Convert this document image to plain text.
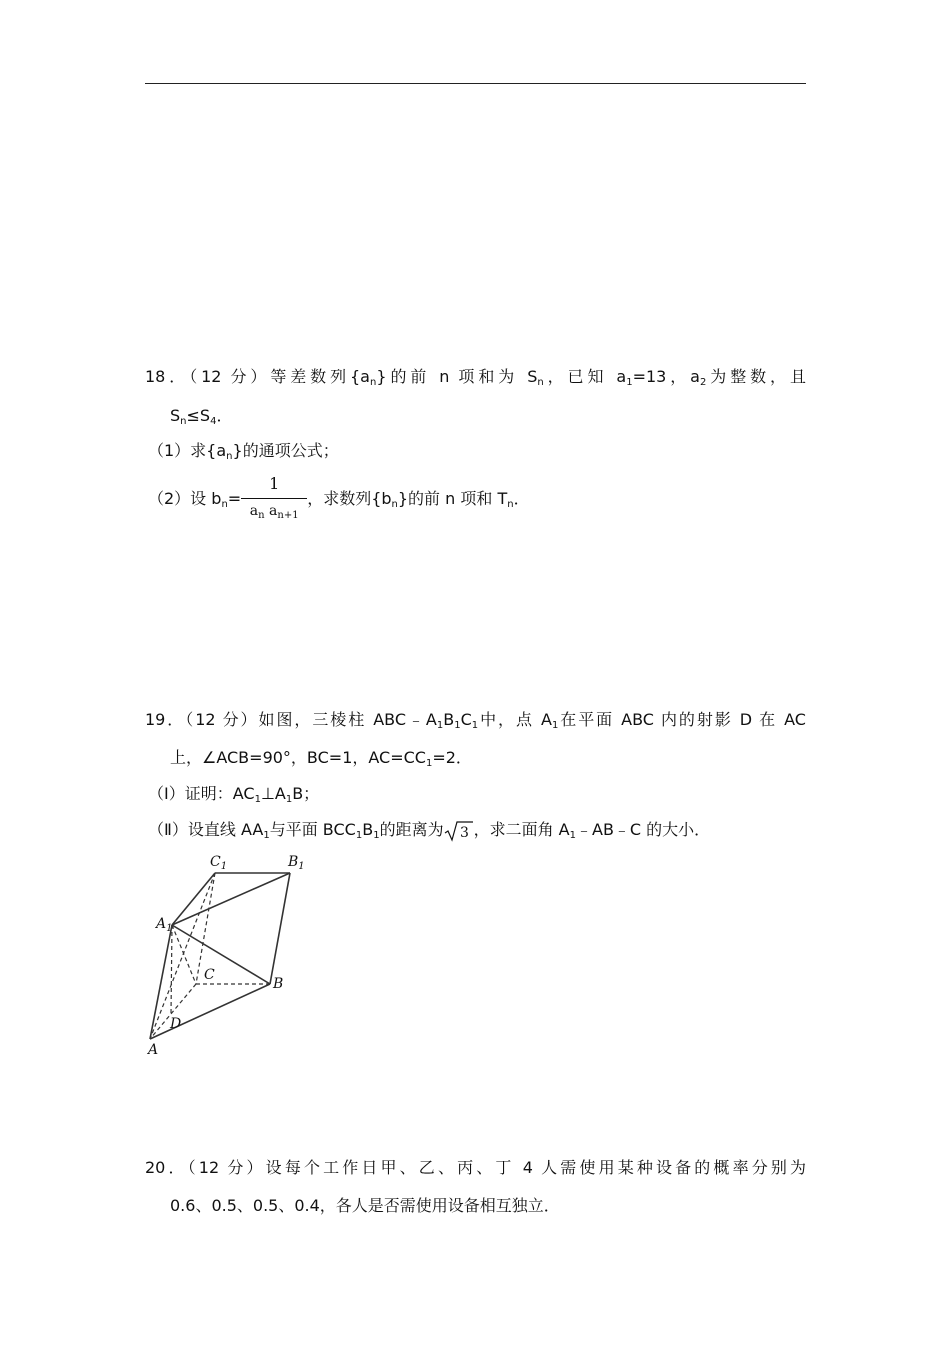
18．（12 分）等差数列$\{a_n\}$的前 n 项和为 $S_n$，已知 $a_1=13$，$a_2$为整数，且
$S_n\le S_4$．
（1）求$\{a_n\}$的通项公式；
（2）设 $b_n= \frac{1}{a_n a_{n+1}}$ ，求数列$\{b_n\}$的前 n 项和 $T_n$．
19．（12 分）如图，三棱柱 $ABC﹣A_1B_1C_1$中，点 $A_1$在平面 ABC 内的射影 D 在 AC
上，∠ACB=90°，BC=1，$AC=CC_1=2$．
（Ⅰ）证明：$AC_1\perp A_1B$；
（Ⅱ）设直线 $AA_1$与平面 $BCC_1B_1$的距离为 3 ，求二面角 $A_1﹣AB﹣C$ 的大小．
$C_1$	$B_1$
$A_1$
C
B
D
A
20．（12 分）设每个工作日甲、乙、丙、丁 4 人需使用某种设备的概率分别为
0.6、0.5、0.5、0.4，各人是否需使用设备相互独立．
